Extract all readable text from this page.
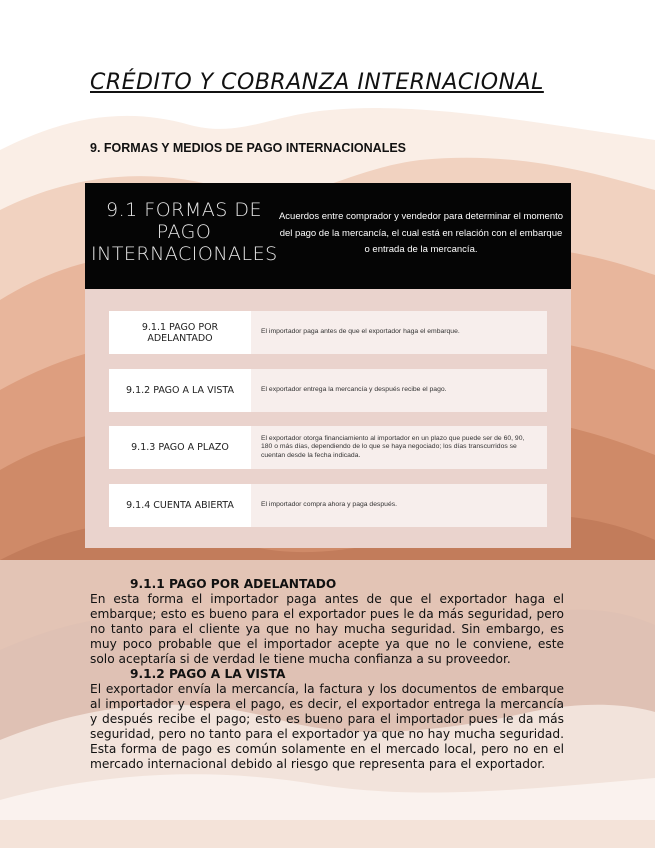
CRÉDITO Y COBRANZA INTERNACIONAL
9. FORMAS Y MEDIOS DE PAGO INTERNACIONALES
9.1 FORMAS DE PAGO INTERNACIONALES
Acuerdos entre comprador y vendedor para determinar el momento del pago de la mercancía, el cual está en relación con el embarque o entrada de la mercancía.
9.1.1 PAGO POR ADELANTADO
El importador paga antes de que el exportador haga el embarque.
9.1.2 PAGO A LA VISTA	El exportador entrega la mercancía y después recibe el pago.
9.1.3 PAGO A PLAZO
El exportador otorga financiamiento al importador en un plazo que puede ser de 60, 90, 180 o más días, dependiendo de lo que se haya negociado; los días transcurridos se cuentan desde la fecha indicada.
9.1.4 CUENTA ABIERTA	El importador compra ahora y paga después.
9.1.1 PAGO POR ADELANTADO
En esta forma el importador paga antes de que el exportador haga el embarque; esto es bueno para el exportador pues le da más seguridad, pero no tanto para el cliente ya que no hay mucha seguridad. Sin embargo, es muy poco probable que el importador acepte ya que no le conviene, este solo aceptaría si de verdad le tiene mucha confianza a su proveedor.
9.1.2 PAGO A LA VISTA
El exportador envía la mercancía, la factura y los documentos de embarque al importador y espera el pago, es decir, el exportador entrega la mercancía y después recibe el pago; esto es bueno para el importador pues le da más seguridad, pero no tanto para el exportador ya que no hay mucha seguridad. Esta forma de pago es común solamente en el mercado local, pero no en el mercado internacional debido al riesgo que representa para el exportador.
